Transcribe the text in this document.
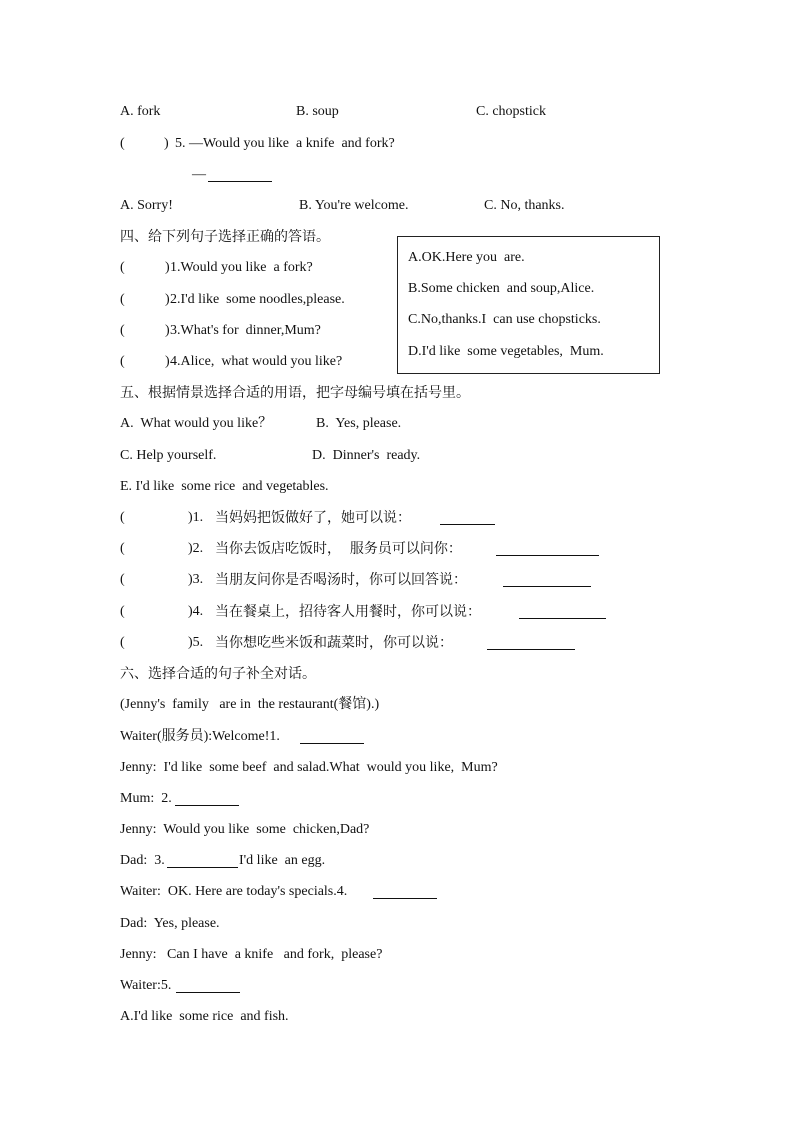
A. fork	B. soup	C. chopstick
(	) 5. —Would you like  a knife  and fork?
—
A. Sorry!	B. You're welcome.	C. No, thanks.
四、给下列句子选择正确的答语。
(	) 1.Would you like  a fork?
(	) 2.I'd like  some noodles,please.
(	) 3.What's for  dinner,Mum?
(	) 4.Alice,  what would you like?
A.OK.Here you  are.
B.Some chicken  and soup,Alice.
C.No,thanks.I  can use chopsticks.
D.I'd like  some vegetables,  Mum.
五、根据情景选择合适的用语，把字母编号填在括号里。
A.  What would you like？	B.  Yes, please.
C. Help yourself.	D.  Dinner's  ready.
E. I'd like  some rice  and vegetables.
(	)1. 当妈妈把饭做好了，她可以说：
(	)2. 当你去饭店吃饭时，  服务员可以问你：
(	)3. 当朋友问你是否喝汤时，你可以回答说：
(	)4. 当在餐桌上，招待客人用餐时，你可以说：
(	)5. 当你想吃些米饭和蔬菜时，你可以说：
六、选择合适的句子补全对话。
(Jenny's  family   are in  the restaurant(餐馆).)
Waiter(服务员):Welcome!1.
Jenny:  I'd like  some beef  and salad.What  would you like,  Mum?
Mum:  2.
Jenny:  Would you like  some  chicken,Dad?
Dad:  3.	I'd like  an egg.
Waiter:  OK. Here are today's specials.4.
Dad:  Yes, please.
Jenny:   Can I have  a knife   and fork,  please?
Waiter:5.
A.I'd like  some rice  and fish.
